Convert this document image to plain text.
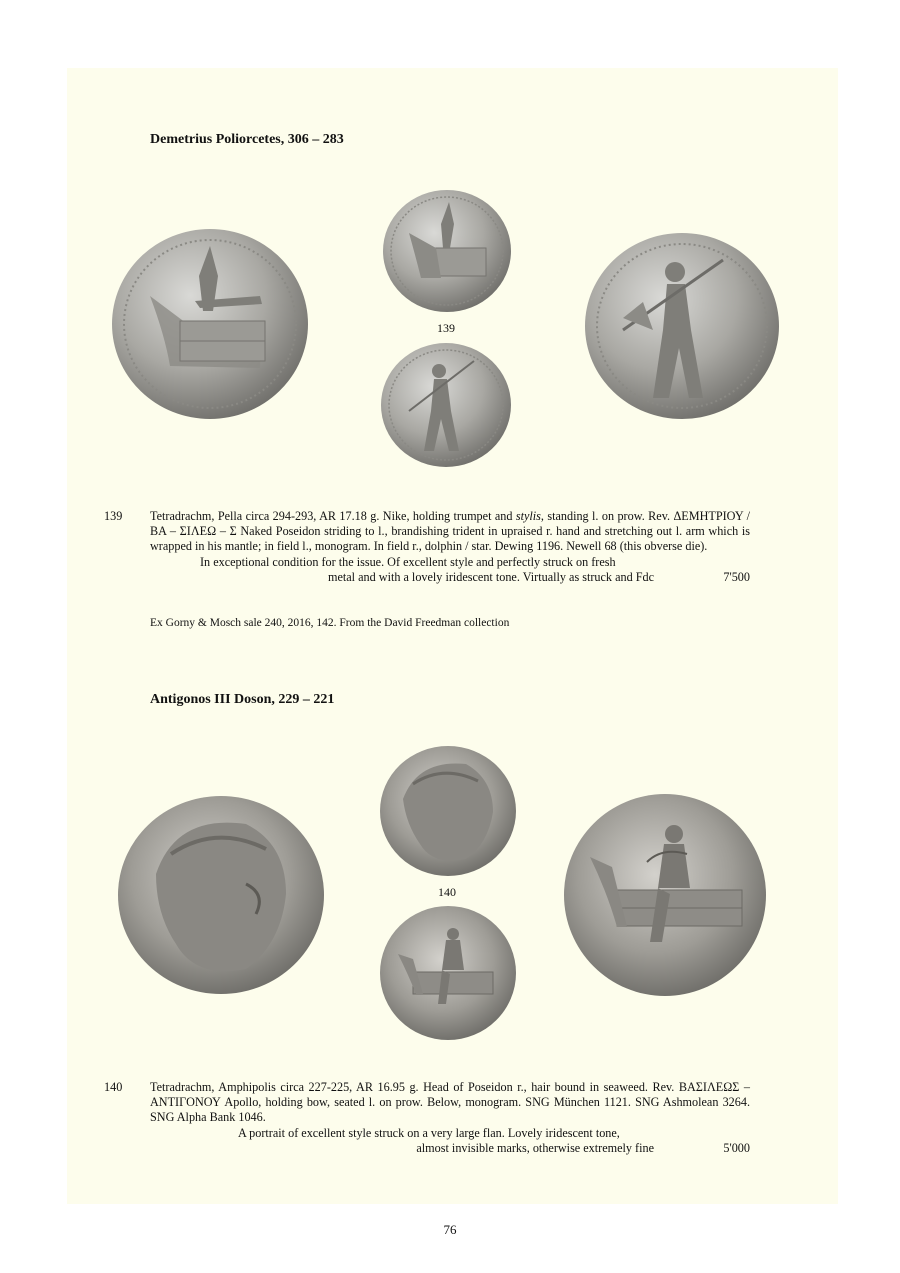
Demetrius Poliorcetes, 306 – 283
139
139 Tetradrachm, Pella circa 294-293, AR 17.18 g. Nike, holding trumpet and stylis, standing l. on prow. Rev. ΔΕΜΗΤΡΙΟΥ / ΒΑ – ΣΙΛΕΩ – Σ Naked Poseidon striding to l., brandishing trident in upraised r. hand and stretching out l. arm which is wrapped in his mantle; in field l., monogram. In field r., dolphin / star. Dewing 1196. Newell 68 (this obverse die).

In exceptional condition for the issue. Of excellent style and perfectly struck on fresh

metal and with a lovely iridescent tone. Virtually as struck and Fdc	7'500
Ex Gorny & Mosch sale 240, 2016, 142. From the David Freedman collection
Antigonos III Doson, 229 – 221
140
140 Tetradrachm, Amphipolis circa 227-225, AR 16.95 g. Head of Poseidon r., hair bound in seaweed. Rev. ΒΑΣΙΛΕΩΣ – ΑΝΤΙΓΟΝΟΥ Apollo, holding bow, seated l. on prow. Below, monogram. SNG München 1121. SNG Ashmolean 3264. SNG Alpha Bank 1046.

A portrait of excellent style struck on a very large flan. Lovely iridescent tone,

almost invisible marks, otherwise extremely fine	5'000
76
